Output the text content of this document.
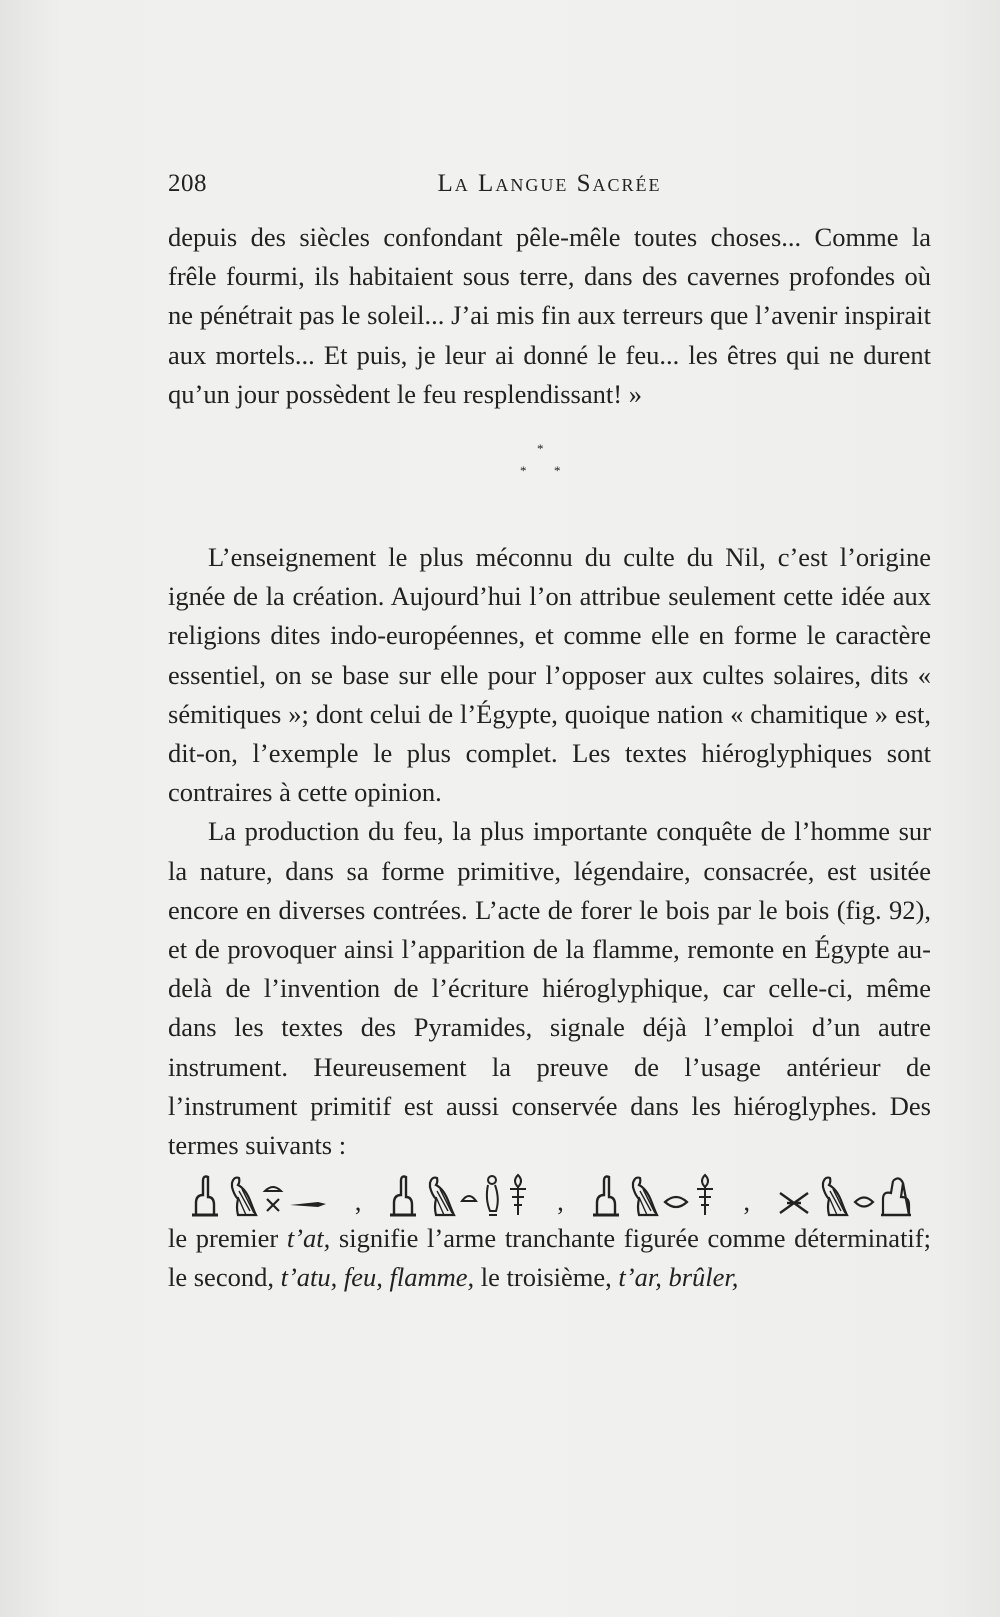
208	La Langue Sacrée

depuis des siècles confondant pêle-mêle toutes choses... Comme la frêle fourmi, ils habitaient sous terre, dans des cavernes profondes où ne pénétrait pas le soleil... J’ai mis fin aux terreurs que l’avenir inspirait aux mortels... Et puis, je leur ai donné le feu... les êtres qui ne durent qu’un jour possèdent le feu resplendissant! »

*
* *

L’enseignement le plus méconnu du culte du Nil, c’est l’origine ignée de la création. Aujourd’hui l’on attribue seulement cette idée aux religions dites indo-européennes, et comme elle en forme le caractère essentiel, on se base sur elle pour l’opposer aux cultes solaires, dits « sémitiques »; dont celui de l’Égypte, quoique nation « chamitique » est, dit-on, l’exemple le plus complet. Les textes hiéroglyphiques sont contraires à cette opinion.

La production du feu, la plus importante conquête de l’homme sur la nature, dans sa forme primitive, légendaire, consacrée, est usitée encore en diverses contrées. L’acte de forer le bois par le bois (fig. 92), et de provoquer ainsi l’apparition de la flamme, remonte en Égypte au-delà de l’invention de l’écriture hiéroglyphique, car celle-ci, même dans les textes des Pyramides, signale déjà l’emploi d’un autre instrument. Heureusement la preuve de l’usage antérieur de l’instrument primitif est aussi conservée dans les hiéroglyphes. Des termes suivants :

,	,	,

le premier t’at, signifie l’arme tranchante figurée comme déterminatif; le second, t’atu, feu, flamme, le troisième, t’ar, brûler,
